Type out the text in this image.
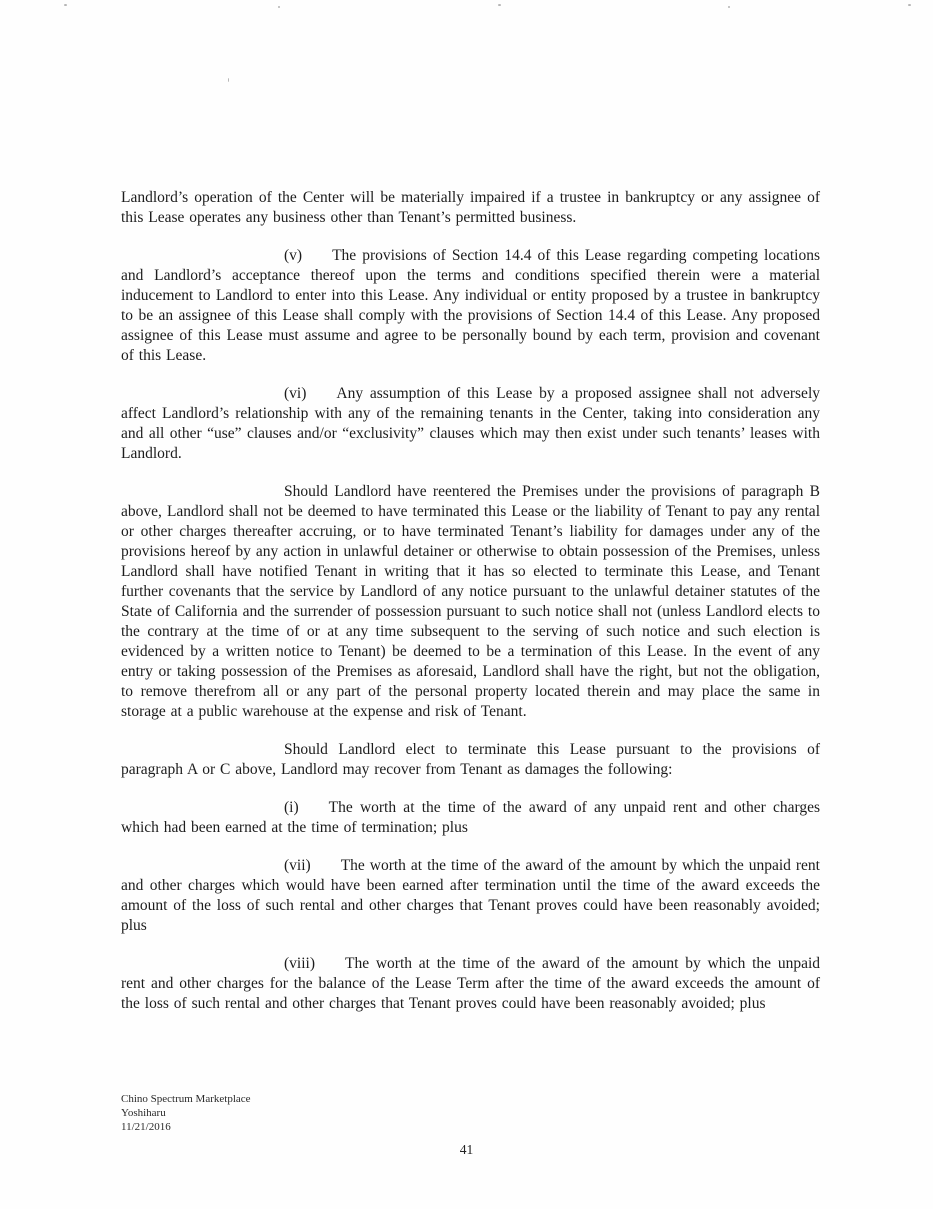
Landlord’s operation of the Center will be materially impaired if a trustee in bankruptcy or any assignee of this Lease operates any business other than Tenant’s permitted business.

(v) The provisions of Section 14.4 of this Lease regarding competing locations and Landlord’s acceptance thereof upon the terms and conditions specified therein were a material inducement to Landlord to enter into this Lease. Any individual or entity proposed by a trustee in bankruptcy to be an assignee of this Lease shall comply with the provisions of Section 14.4 of this Lease. Any proposed assignee of this Lease must assume and agree to be personally bound by each term, provision and covenant of this Lease.

(vi) Any assumption of this Lease by a proposed assignee shall not adversely affect Landlord’s relationship with any of the remaining tenants in the Center, taking into consideration any and all other “use” clauses and/or “exclusivity” clauses which may then exist under such tenants’ leases with Landlord.

Should Landlord have reentered the Premises under the provisions of paragraph B above, Landlord shall not be deemed to have terminated this Lease or the liability of Tenant to pay any rental or other charges thereafter accruing, or to have terminated Tenant’s liability for damages under any of the provisions hereof by any action in unlawful detainer or otherwise to obtain possession of the Premises, unless Landlord shall have notified Tenant in writing that it has so elected to terminate this Lease, and Tenant further covenants that the service by Landlord of any notice pursuant to the unlawful detainer statutes of the State of California and the surrender of possession pursuant to such notice shall not (unless Landlord elects to the contrary at the time of or at any time subsequent to the serving of such notice and such election is evidenced by a written notice to Tenant) be deemed to be a termination of this Lease. In the event of any entry or taking possession of the Premises as aforesaid, Landlord shall have the right, but not the obligation, to remove therefrom all or any part of the personal property located therein and may place the same in storage at a public warehouse at the expense and risk of Tenant.

Should Landlord elect to terminate this Lease pursuant to the provisions of paragraph A or C above, Landlord may recover from Tenant as damages the following:

(i) The worth at the time of the award of any unpaid rent and other charges which had been earned at the time of termination; plus

(vii) The worth at the time of the award of the amount by which the unpaid rent and other charges which would have been earned after termination until the time of the award exceeds the amount of the loss of such rental and other charges that Tenant proves could have been reasonably avoided; plus

(viii) The worth at the time of the award of the amount by which the unpaid rent and other charges for the balance of the Lease Term after the time of the award exceeds the amount of the loss of such rental and other charges that Tenant proves could have been reasonably avoided; plus

Chino Spectrum Marketplace
Yoshiharu
11/21/2016
41
